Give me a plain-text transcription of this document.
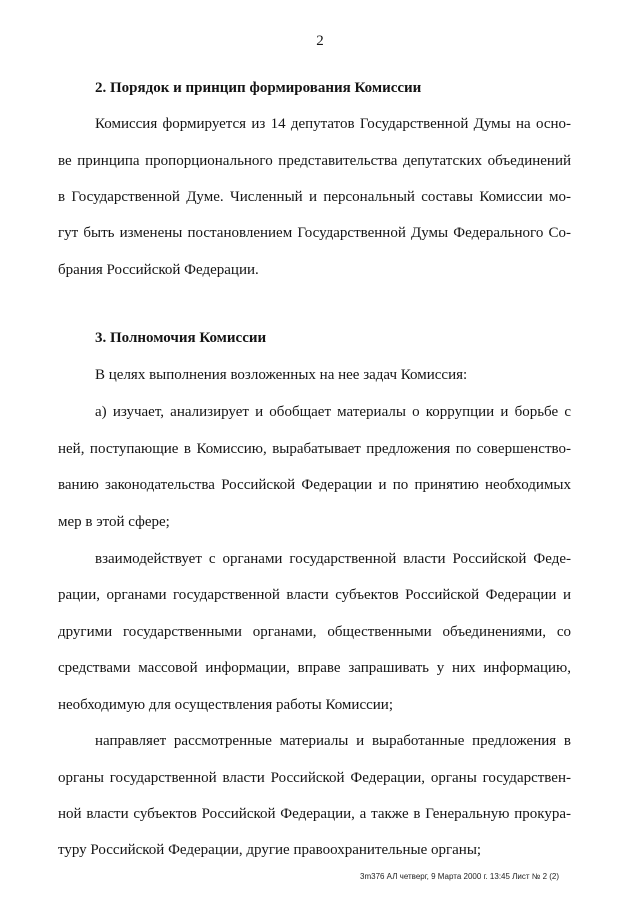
2
2. Порядок и принцип формирования Комиссии
Комиссия формируется из 14 депутатов Государственной Думы на осно-
ве принципа пропорционального представительства депутатских объединений
в Государственной Думе. Численный и персональный составы Комиссии мо-
гут быть изменены постановлением Государственной Думы Федерального Со-
брания Российской Федерации.
3. Полномочия Комиссии
В целях выполнения возложенных на нее задач Комиссия:
а) изучает, анализирует и обобщает материалы о коррупции и борьбе с
ней, поступающие в Комиссию, вырабатывает предложения по совершенство-
ванию законодательства Российской Федерации и по принятию необходимых
мер в этой сфере;
взаимодействует с органами государственной власти Российской Феде-
рации, органами государственной власти субъектов Российской Федерации и
другими государственными органами, общественными объединениями, со
средствами массовой информации, вправе запрашивать у них информацию,
необходимую для осуществления работы Комиссии;
направляет рассмотренные материалы и выработанные предложения в
органы государственной власти Российской Федерации, органы государствен-
ной власти субъектов Российской Федерации, а также в Генеральную прокура-
туру Российской Федерации, другие правоохранительные органы;
3m376 АЛ четверг, 9 Марта 2000 г. 13:45 Лист № 2 (2)
